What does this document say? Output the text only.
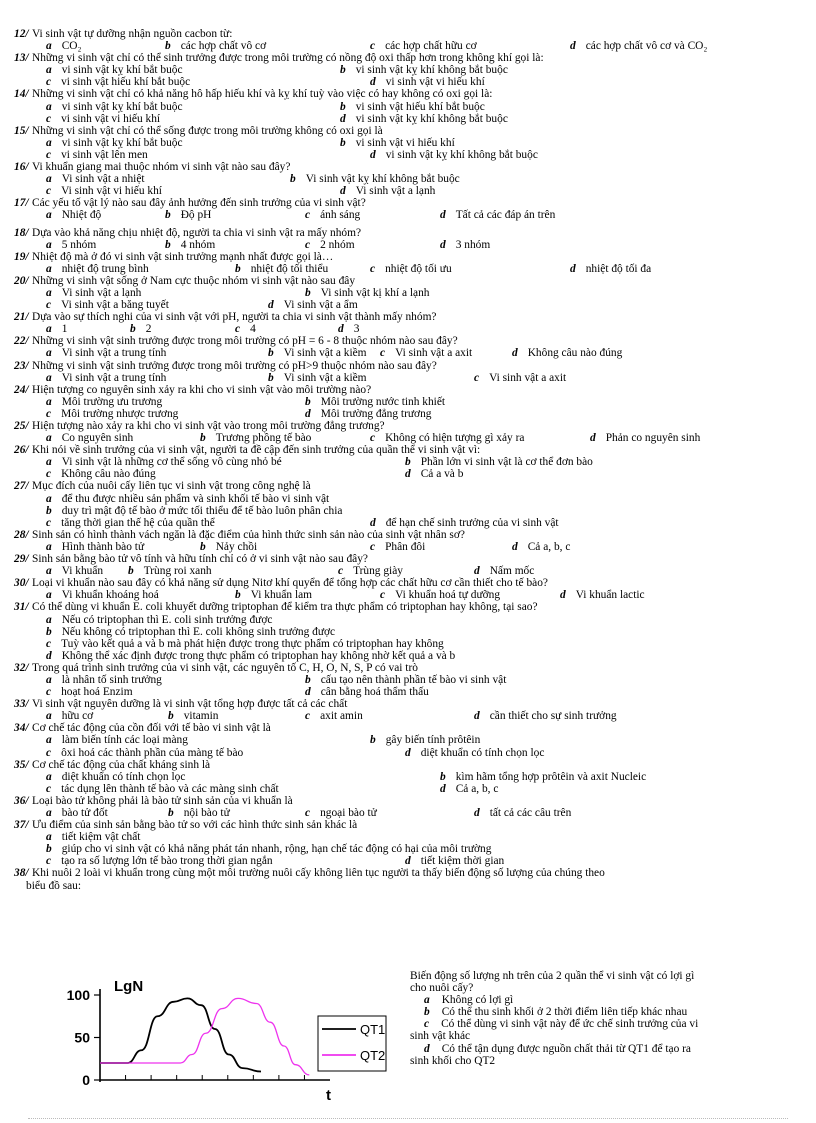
12/ Vi sinh vật tự dưỡng nhận nguồn cacbon từ:
a CO₂	b các hợp chất vô cơ	c các hợp chất hữu cơ	d các hợp chất vô cơ và CO₂
13/ Những vi sinh vật chỉ có thể sinh trưởng được trong môi trường có nồng độ oxi thấp hơn trong không khí gọi là:
a vi sinh vật kỵ khí bắt buộc	b vi sinh vật kỵ khí không bắt buộc
c vi sinh vật hiếu khí bắt buộc	d vi sinh vật vi hiếu khí
14/ Những vi sinh vật chỉ có khả năng hô hấp hiếu khí và kỵ khí tuỳ vào việc có hay không có oxi gọi là:
a vi sinh vật kỵ khí bắt buộc	b vi sinh vật hiếu khí bắt buộc
c vi sinh vật vi hiếu khí	d vi sinh vật kỵ khí không bắt buộc
15/ Những vi sinh vật chỉ có thể sống được trong môi trường không có oxi gọi là
a vi sinh vật kỵ khí bắt buộc	b vi sinh vật vi hiếu khí
c vi sinh vật lên men	d vi sinh vật kỵ khí không bắt buộc
16/ Vi khuẩn giang mai thuộc nhóm vi sinh vật nào sau đây?
a Vi sinh vật a nhiệt	b Vi sinh vật kỵ khí không bắt buộc
c Vi sinh vật vi hiếu khí	d Vi sinh vật a lạnh
17/ Các yếu tố vật lý nào sau đây ảnh hưởng đến sinh trưởng của vi sinh vật?
a Nhiệt độ	b Độ pH	c ánh sáng	d Tất cả các đáp án trên
18/ Dựa vào khả năng chịu nhiệt độ, người ta chia vi sinh vật ra mấy nhóm?
a 5 nhóm	b 4 nhóm	c 2 nhóm	d 3 nhóm
19/ Nhiệt độ mà ở đó vi sinh vật sinh trưởng mạnh nhất được gọi là…
a nhiệt độ trung bình	b nhiệt độ tối thiểu	c nhiệt độ tối ưu	d nhiệt độ tối đa
20/ Những vi sinh vật sống ở Nam cực thuộc nhóm vi sinh vật nào sau đây
a Vi sinh vật a lạnh	b Vi sinh vật kị khí a lạnh
c Vi sinh vật a băng tuyết	d Vi sinh vật a ẩm
21/ Dựa vào sự thích nghi của vi sinh vật với pH, người ta chia vi sinh vật thành mấy nhóm?
a 1	b 2	c 4	d 3
22/ Những vi sinh vật sinh trưởng được trong môi trường có pH = 6 - 8 thuộc nhóm nào sau đây?
a Vi sinh vật a trung tính	b Vi sinh vật a kiềm c Vi sinh vật a axit	d Không câu nào đúng
23/ Những vi sinh vật sinh trưởng được trong môi trường có pH>9 thuộc nhóm nào sau đây?
a Vi sinh vật a trung tính	b Vi sinh vật a kiềm	c Vi sinh vật a axit
24/ Hiện tượng co nguyên sinh xảy ra khi cho vi sinh vật vào môi trường nào?
a Môi trường ưu trương	b Môi trường nước tinh khiết
c Môi trường nhược trương	d Môi trường đẳng trương
25/ Hiện tượng nào xảy ra khi cho vi sinh vật vào trong môi trường đẳng trương?
a Co nguyên sinh	b Trương phồng tế bào	c Không có hiện tượng gì xảy ra	d Phản co nguyên sinh
26/ Khi nói về sinh trưởng của vi sinh vật, người ta đề cập đến sinh trưởng của quần thể vi sinh vật vì:
a Vi sinh vật là những cơ thể sống vô cùng nhỏ bé	b Phần lớn vi sinh vật là cơ thể đơn bào
c Không câu nào đúng	d Cả a và b
27/ Mục đích của nuôi cấy liên tục vi sinh vật trong công nghệ là
a để thu được nhiều sản phẩm và sinh khối tế bào vi sinh vật
b duy trì mật độ tế bào ở mức tối thiểu để tế bào luôn phân chia
c tăng thời gian thế hệ của quần thể	d để hạn chế sinh trưởng của vi sinh vật
28/ Sinh sản có hình thành vách ngăn là đặc điểm của hình thức sinh sản nào của sinh vật nhân sơ?
a Hình thành bào tử	b Nảy chồi	c Phân đôi	d Cả a, b, c
29/ Sinh sản bằng bào tử vô tính và hữu tính chỉ có ở vi sinh vật nào sau đây?
a Vi khuẩn b Trùng roi xanh	c Trùng giày	d Nấm mốc
30/ Loại vi khuẩn nào sau đây có khả năng sử dụng Nitơ khí quyển để tổng hợp các chất hữu cơ cần thiết cho tế bào?
a Vi khuẩn khoáng hoá	b Vi khuẩn lam	c Vi khuẩn hoá tự dưỡng	d Vi khuẩn lactic
31/ Có thể dùng vi khuẩn E. coli khuyết dưỡng triptophan để kiểm tra thực phẩm có triptophan hay không, tại sao?
a Nếu có triptophan thì E. coli sinh trưởng được
b Nếu không có triptophan thì E. coli không sinh trưởng được
c Tuỳ vào kết quả a và b mà phát hiện được trong thực phẩm có triptophan hay không
d Không thể xác định được trong thực phẩm có triptophan hay không nhờ kết quả a và b
32/ Trong quá trình sinh trưởng của vi sinh vật, các nguyên tố C, H, O, N, S, P có vai trò
a là nhân tố sinh trưởng	b cấu tạo nên thành phần tế bào vi sinh vật
c hoạt hoá Enzim	d cân bằng hoá thẩm thấu
33/ Vi sinh vật nguyên dưỡng là vi sinh vật tổng hợp được tất cả các chất
a hữu cơ	b vitamin	c axit amin	d cần thiết cho sự sinh trưởng
34/ Cơ chế tác động của cồn đối với tế bào vi sinh vật là
a làm biến tính các loại màng	b gây biến tính prôtêin
c ôxi hoá các thành phần của màng tế bào	d diệt khuẩn có tính chọn lọc
35/ Cơ chế tác động của chất kháng sinh là
a diệt khuẩn có tính chọn lọc	b kìm hãm tổng hợp prôtêin và axit Nucleic
c tác dụng lên thành tế bào và các màng sinh chất	d Cả a, b, c
36/ Loại bào tử không phải là bào tử sinh sản của vi khuẩn là
a bào tử đốt	b nội bào tử	c ngoại bào tử	d tất cả các câu trên
37/ Ưu điểm của sinh sản bằng bào tử so với các hình thức sinh sản khác là
a tiết kiệm vật chất
b giúp cho vi sinh vật có khả năng phát tán nhanh, rộng, hạn chế tác động có hại của môi trường
c tạo ra số lượng lớn tế bào trong thời gian ngắn	d tiết kiệm thời gian
38/ Khi nuôi 2 loài vi khuẩn trong cùng một môi trường nuôi cấy không liên tục người ta thấy biến động số lượng của chúng theo
biểu đồ sau:
0
50
100 LgN
t
QT1
QT2
Biến động số lượng nh trên của 2 quần thể vi sinh vật có lợi gì
cho nuôi cấy?
a Không có lợi gì
b Có thể thu sinh khối ở 2 thời điểm liên tiếp khác nhau
c Có thể dùng vi sinh vật này để ức chế sinh trưởng của vi
sinh vật khác
d Có thể tận dụng được nguồn chất thải từ QT1 để tạo ra
sinh khối cho QT2
